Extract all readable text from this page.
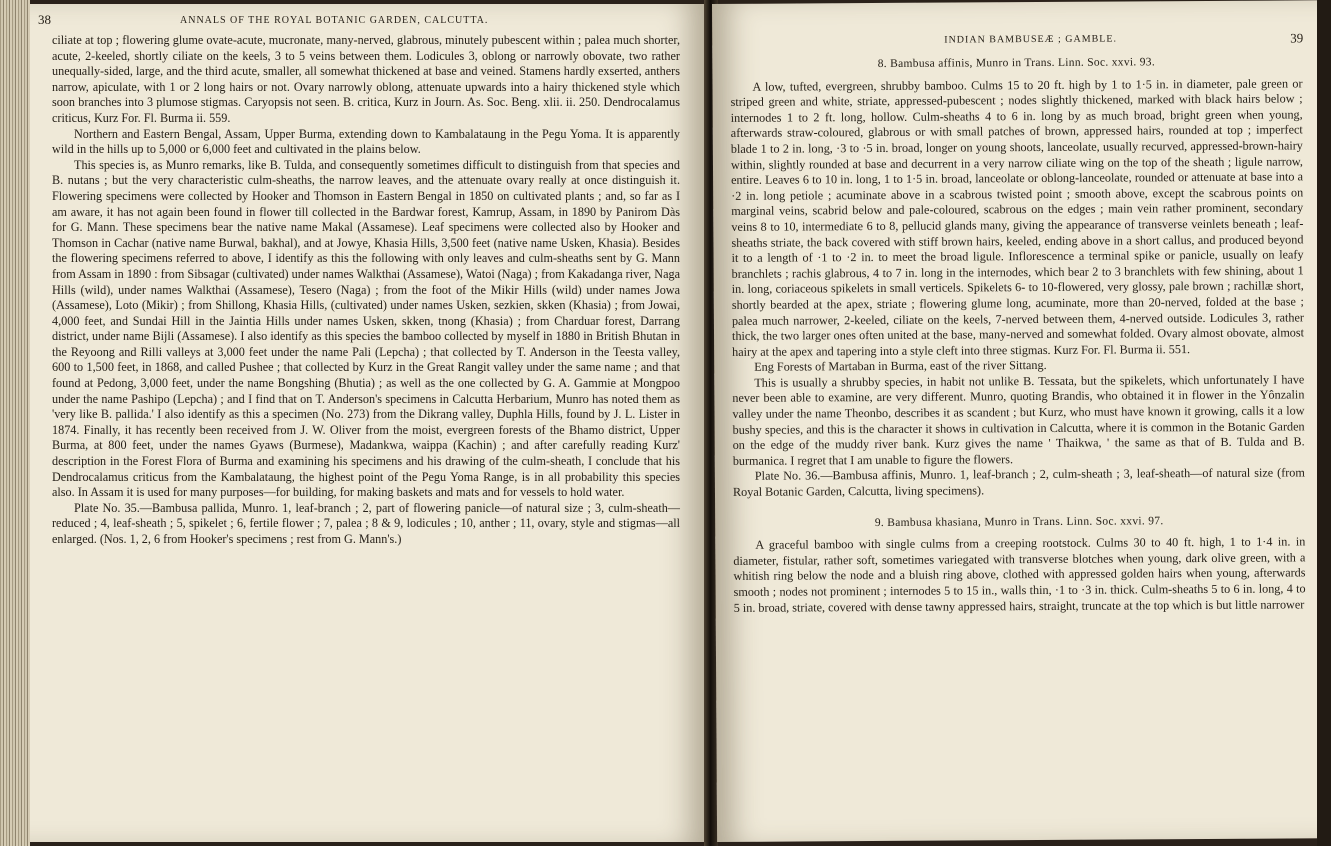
38	ANNALS OF THE ROYAL BOTANIC GARDEN, CALCUTTA.

ciliate at top ; flowering glume ovate-acute, mucronate, many-nerved, glabrous, minutely pubescent within ; palea much shorter, acute, 2-keeled, shortly ciliate on the keels, 3 to 5 veins between them. Lodicules 3, oblong or narrowly obovate, two rather unequally-sided, large, and the third acute, smaller, all somewhat thickened at base and veined. Stamens hardly exserted, anthers narrow, apiculate, with 1 or 2 long hairs or not. Ovary narrowly oblong, attenuate upwards into a hairy thickened style which soon branches into 3 plumose stigmas. Caryopsis not seen. B. criticа, Kurz in Journ. As. Soc. Beng. xlii. ii. 250. Dendrocalamus criticus, Kurz For. Fl. Burma ii. 559.

Northern and Eastern Bengal, Assam, Upper Burma, extending down to Kambalataung in the Pegu Yoma. It is apparently wild in the hills up to 5,000 or 6,000 feet and cultivated in the plains below.

This species is, as Munro remarks, like B. Tulda, and consequently sometimes difficult to distinguish from that species and B. nutans ; but the very characteristic culm-sheaths, the narrow leaves, and the attenuate ovary really at once distinguish it. Flowering specimens were collected by Hooker and Thomson in Eastern Bengal in 1850 on cultivated plants ; and, so far as I am aware, it has not again been found in flower till collected in the Bardwar forest, Kamrup, Assam, in 1890 by Panirom Dàs for G. Mann. These specimens bear the native name Makal (Assamese). Leaf specimens were collected also by Hooker and Thomson in Cachar (native name Burwal, bakhal), and at Jowye, Khasia Hills, 3,500 feet (native name Usken, Khasia). Besides the flowering specimens referred to above, I identify as this the following with only leaves and culm-sheaths sent by G. Mann from Assam in 1890 : from Sibsagar (cultivated) under names Walkthai (Assamese), Watoi (Naga) ; from Kakadanga river, Naga Hills (wild), under names Walkthai (Assamese), Tesero (Naga) ; from the foot of the Mikir Hills (wild) under names Jowa (Assamese), Loto (Mikir) ; from Shillong, Khasia Hills, (cultivated) under names Usken, sezkien, skken (Khasia) ; from Jowai, 4,000 feet, and Sundai Hill in the Jaintia Hills under names Usken, skken, tnong (Khasia) ; from Charduar forest, Darrang district, under name Bijli (Assamese). I also identify as this species the bamboo collected by myself in 1880 in British Bhutan in the Reyoong and Rilli valleys at 3,000 feet under the name Pali (Lepcha) ; that collected by T. Anderson in the Teesta valley, 600 to 1,500 feet, in 1868, and called Pushee ; that collected by Kurz in the Great Rangit valley under the same name ; and that found at Pedong, 3,000 feet, under the name Bongshing (Bhutia) ; as well as the one collected by G. A. Gammie at Mongpoo under the name Pashipo (Lepcha) ; and I find that on T. Anderson's specimens in Calcutta Herbarium, Munro has noted them as 'very like B. pallida.' I also identify as this a specimen (No. 273) from the Dikrang valley, Duphla Hills, found by J. L. Lister in 1874. Finally, it has recently been received from J. W. Oliver from the moist, evergreen forests of the Bhamo district, Upper Burma, at 800 feet, under the names Gyaws (Burmese), Madankwa, waippa (Kachin) ; and after carefully reading Kurz' description in the Forest Flora of Burma and examining his specimens and his drawing of the culm-sheath, I conclude that his Dendrocalamus criticus from the Kambalataung, the highest point of the Pegu Yoma Range, is in all probability this species also. In Assam it is used for many purposes—for building, for making baskets and mats and for vessels to hold water.

Plate No. 35.—Bambusa pallida, Munro. 1, leaf-branch ; 2, part of flowering panicle—of natural size ; 3, culm-sheath—reduced ; 4, leaf-sheath ; 5, spikelet ; 6, fertile flower ; 7, palea ; 8 & 9, lodicules ; 10, anther ; 11, ovary, style and stigmas—all enlarged. (Nos. 1, 2, 6 from Hooker's specimens ; rest from G. Mann's.)

INDIAN BAMBUSEÆ ; GAMBLE.	39

8. Bambusa affinis, Munro in Trans. Linn. Soc. xxvi. 93.

A low, tufted, evergreen, shrubby bamboo. Culms 15 to 20 ft. high by 1 to 1·5 in. in diameter, pale green or striped green and white, striate, appressed-pubescent ; nodes slightly thickened, marked with black hairs below ; internodes 1 to 2 ft. long, hollow. Culm-sheaths 4 to 6 in. long by as much broad, bright green when young, afterwards straw-coloured, glabrous or with small patches of brown, appressed hairs, rounded at top ; imperfect blade 1 to 2 in. long, ·3 to ·5 in. broad, longer on young shoots, lanceolate, usually recurved, appressed-brown-hairy within, slightly rounded at base and decurrent in a very narrow ciliate wing on the top of the sheath ; ligule narrow, entire. Leaves 6 to 10 in. long, 1 to 1·5 in. broad, lanceolate or oblong-lanceolate, rounded or attenuate at base into a ·2 in. long petiole ; acuminate above in a scabrous twisted point ; smooth above, except the scabrous points on marginal veins, scabrid below and pale-coloured, scabrous on the edges ; main vein rather prominent, secondary veins 8 to 10, intermediate 6 to 8, pellucid glands many, giving the appearance of transverse veinlets beneath ; leaf-sheaths striate, the back covered with stiff brown hairs, keeled, ending above in a short callus, and produced beyond it to a length of ·1 to ·2 in. to meet the broad ligule. Inflorescence a terminal spike or panicle, usually on leafy branchlets ; rachis glabrous, 4 to 7 in. long in the internodes, which bear 2 to 3 branchlets with few shining, about 1 in. long, coriaceous spikelets in small verticels. Spikelets 6- to 10-flowered, very glossy, pale brown ; rachillæ short, shortly bearded at the apex, striate ; flowering glume long, acuminate, more than 20-nerved, folded at the base ; palea much narrower, 2-keeled, ciliate on the keels, 7-nerved between them, 4-nerved outside. Lodicules 3, rather thick, the two larger ones often united at the base, many-nerved and somewhat folded. Ovary almost obovate, almost hairy at the apex and tapering into a style cleft into three stigmas. Kurz For. Fl. Burma ii. 551.

Eng Forests of Martaban in Burma, east of the river Sittang.

This is usually a shrubby species, in habit not unlike B. Tessata, but the spikelets, which unfortunately I have never been able to examine, are very different. Munro, quoting Brandis, who obtained it in flower in the Yônzalin valley under the name Theonbo, describes it as scandent ; but Kurz, who must have known it growing, calls it a low bushy species, and this is the character it shows in cultivation in Calcutta, where it is common in the Botanic Garden on the edge of the muddy river bank. Kurz gives the name ' Thaikwa, ' the same as that of B. Tulda and B. burmanica. I regret that I am unable to figure the flowers.

Plate No. 36.—Bambusa affinis, Munro. 1, leaf-branch ; 2, culm-sheath ; 3, leaf-sheath—of natural size (from Royal Botanic Garden, Calcutta, living specimens).

9. Bambusa khasiana, Munro in Trans. Linn. Soc. xxvi. 97.

A graceful bamboo with single culms from a creeping rootstock. Culms 30 to 40 ft. high, 1 to 1·4 in. in diameter, fistular, rather soft, sometimes variegated with transverse blotches when young, dark olive green, with a whitish ring below the node and a bluish ring above, clothed with appressed golden hairs when young, afterwards smooth ; nodes not prominent ; internodes 5 to 15 in., walls thin, ·1 to ·3 in. thick. Culm-sheaths 5 to 6 in. long, 4 to 5 in. broad, striate, covered with dense tawny appressed hairs, straight, truncate at the top which is but little narrower
